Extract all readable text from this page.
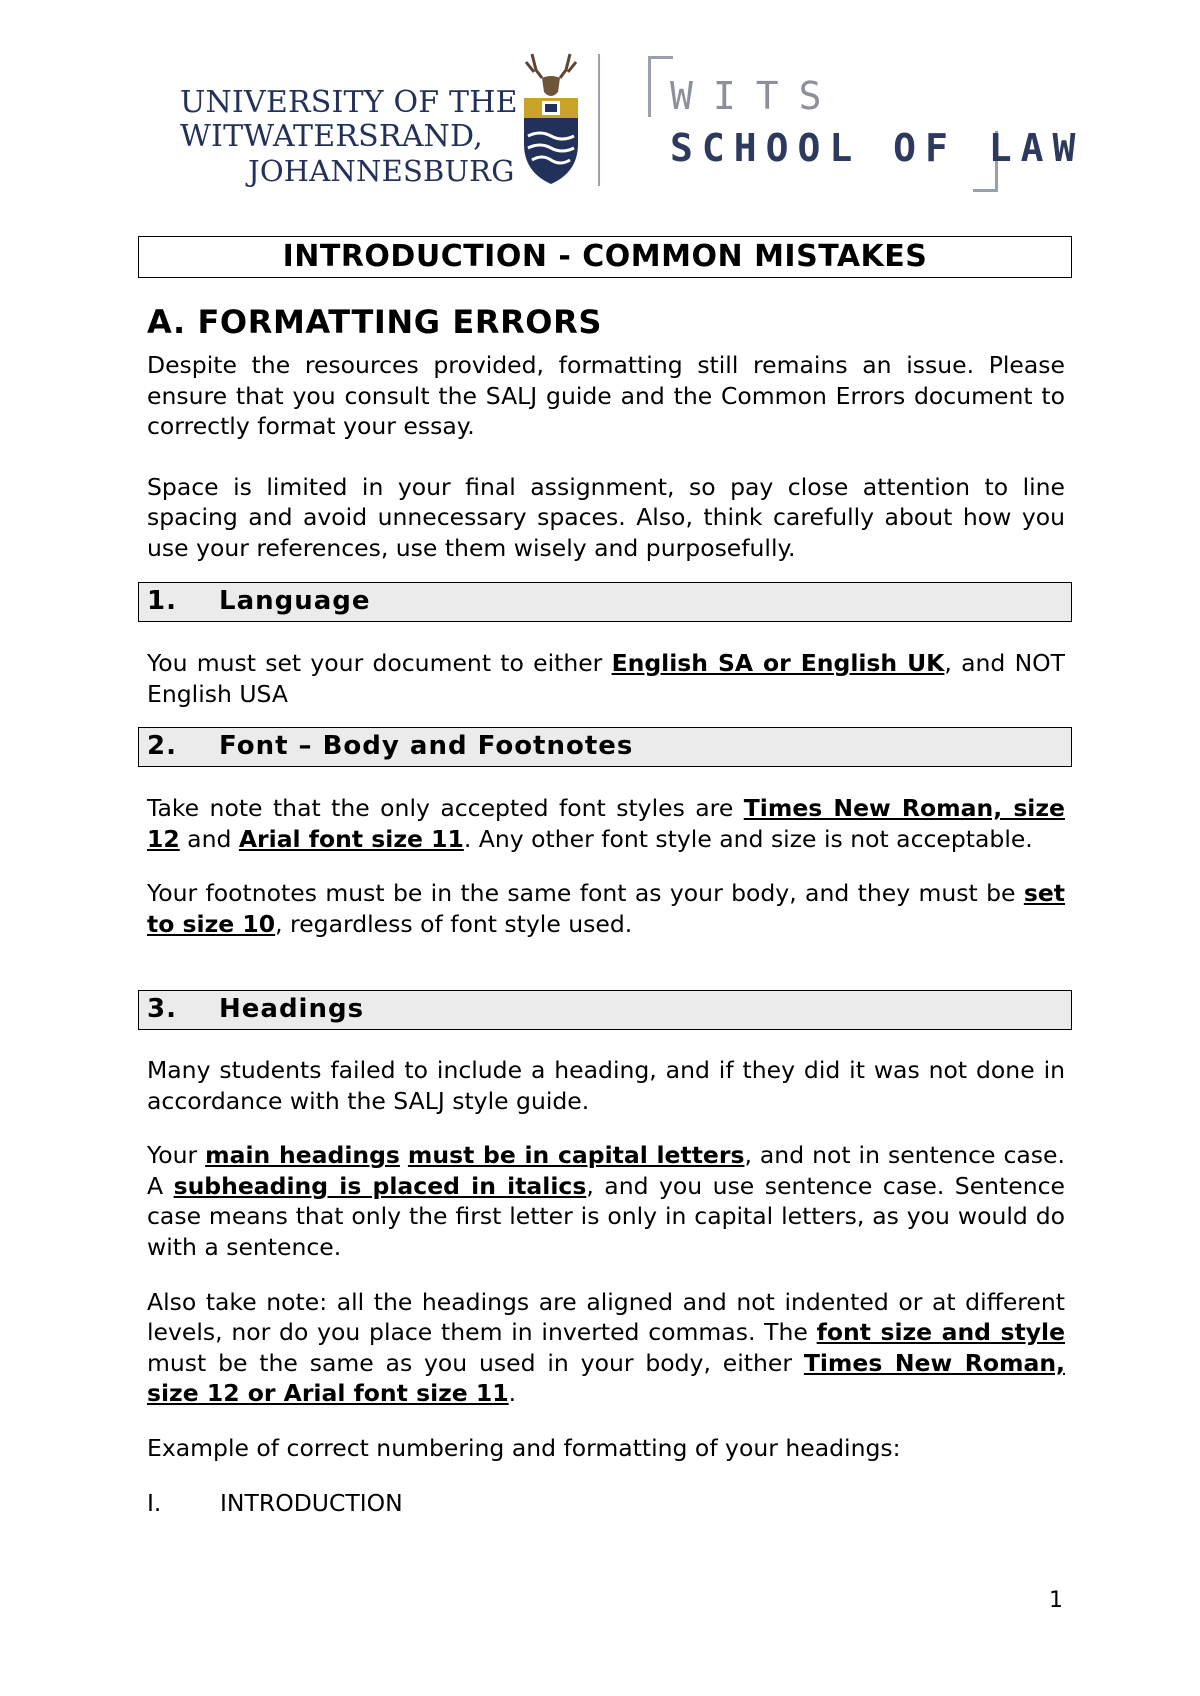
UNIVERSITY OF THE
WITWATERSRAND,
JOHANNESBURG
WITS
SCHOOL OF LAW
INTRODUCTION - COMMON MISTAKES
A. FORMATTING ERRORS

Despite the resources provided, formatting still remains an issue. Please ensure that you consult the SALJ guide and the Common Errors document to correctly format your essay.

Space is limited in your final assignment, so pay close attention to line spacing and avoid unnecessary spaces. Also, think carefully about how you use your references, use them wisely and purposefully.

1. Language

You must set your document to either English SA or English UK, and NOT English USA

2. Font – Body and Footnotes

Take note that the only accepted font styles are Times New Roman, size 12 and Arial font size 11. Any other font style and size is not acceptable.

Your footnotes must be in the same font as your body, and they must be set to size 10, regardless of font style used.

3. Headings

Many students failed to include a heading, and if they did it was not done in accordance with the SALJ style guide.

Your main headings must be in capital letters, and not in sentence case. A subheading is placed in italics, and you use sentence case. Sentence case means that only the first letter is only in capital letters, as you would do with a sentence.

Also take note: all the headings are aligned and not indented or at different levels, nor do you place them in inverted commas. The font size and style must be the same as you used in your body, either Times New Roman, size 12 or Arial font size 11.

Example of correct numbering and formatting of your headings:

I. INTRODUCTION
1
